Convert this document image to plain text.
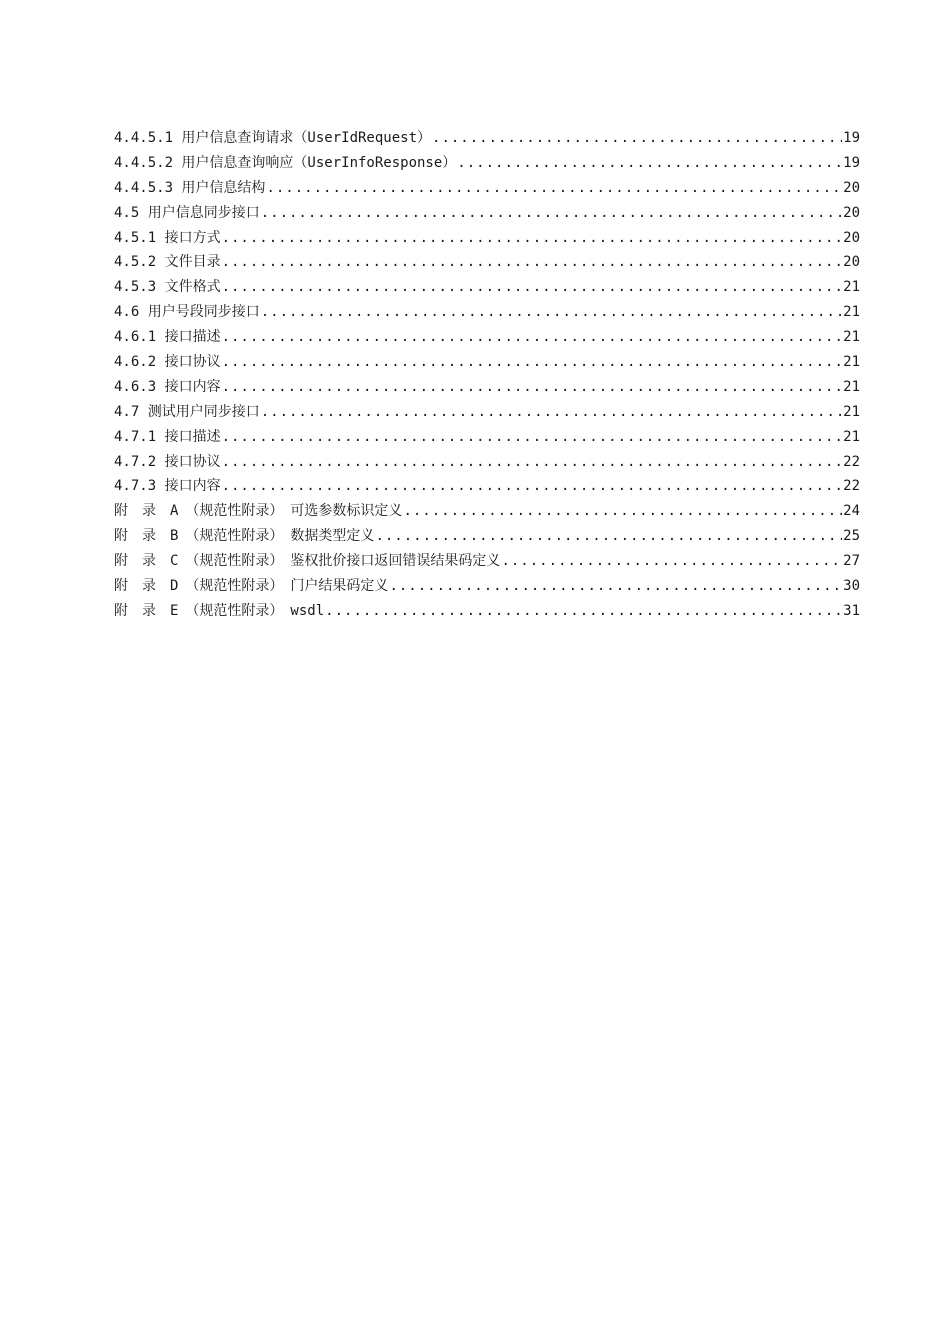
4.4.5.1 用户信息查询请求（UserIdRequest） .....	19
4.4.5.2 用户信息查询响应（UserInfoResponse） .....	19
4.4.5.3 用户信息结构 .....	20
4.5 用户信息同步接口 .....	20
4.5.1 接口方式 .....	20
4.5.2 文件目录 .....	20
4.5.3 文件格式 .....	21
4.6 用户号段同步接口 .....	21
4.6.1 接口描述 .....	21
4.6.2 接口协议 .....	21
4.6.3 接口内容 .....	21
4.7 测试用户同步接口 .....	21
4.7.1 接口描述 .....	21
4.7.2 接口协议 .....	22
4.7.3 接口内容 .....	22
附　录　A　（规范性附录）　可选参数标识定义 .....	24
附　录　B　（规范性附录）　数据类型定义 .....	25
附　录　C　（规范性附录）　鉴权批价接口返回错误结果码定义 .....	27
附　录　D　（规范性附录）　门户结果码定义 .....	30
附　录　E　（规范性附录）　wsdl .....	31
